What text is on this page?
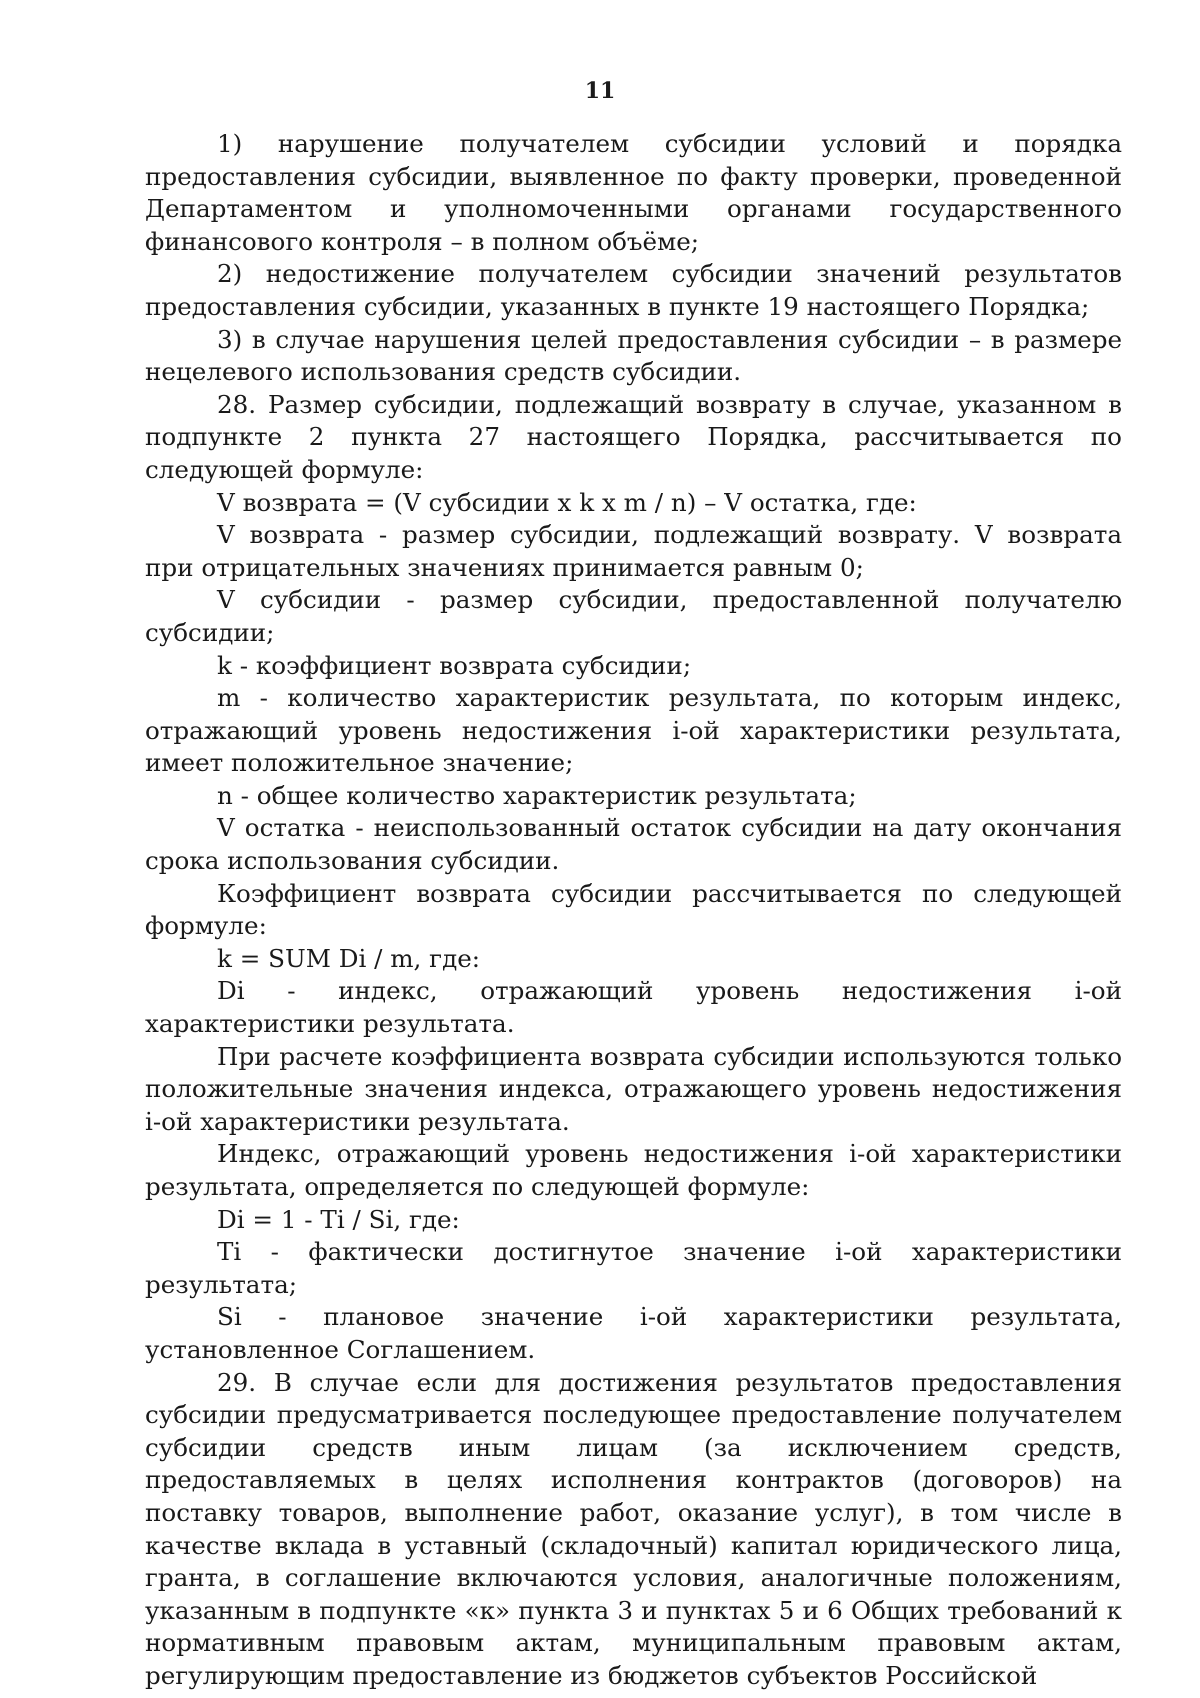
11

1) нарушение получателем субсидии условий и порядка предоставления субсидии, выявленное по факту проверки, проведенной Департаментом и уполномоченными органами государственного финансового контроля – в полном объёме;

2) недостижение получателем субсидии значений результатов предоставления субсидии, указанных в пункте 19 настоящего Порядка;

3) в случае нарушения целей предоставления субсидии – в размере нецелевого использования средств субсидии.

28. Размер субсидии, подлежащий возврату в случае, указанном в подпункте 2 пункта 27 настоящего Порядка, рассчитывается по следующей формуле:

V возврата = (V субсидии x k x m / n) – V остатка, где:

V возврата - размер субсидии, подлежащий возврату. V возврата при отрицательных значениях принимается равным 0;

V субсидии - размер субсидии, предоставленной получателю субсидии;

k - коэффициент возврата субсидии;

m - количество характеристик результата, по которым индекс, отражающий уровень недостижения i-ой характеристики результата, имеет положительное значение;

n - общее количество характеристик результата;

V остатка - неиспользованный остаток субсидии на дату окончания срока использования субсидии.

Коэффициент возврата субсидии рассчитывается по следующей формуле:

k = SUM Di / m, где:

Di - индекс, отражающий уровень недостижения i-ой характеристики результата.

При расчете коэффициента возврата субсидии используются только положительные значения индекса, отражающего уровень недостижения i-ой характеристики результата.

Индекс, отражающий уровень недостижения i-ой характеристики результата, определяется по следующей формуле:

Di = 1 - Ti / Si, где:

Ti - фактически достигнутое значение i-ой характеристики результата;

Si - плановое значение i-ой характеристики результата, установленное Соглашением.

29. В случае если для достижения результатов предоставления субсидии предусматривается последующее предоставление получателем субсидии средств иным лицам (за исключением средств, предоставляемых в целях исполнения контрактов (договоров) на поставку товаров, выполнение работ, оказание услуг), в том числе в качестве вклада в уставный (складочный) капитал юридического лица, гранта, в соглашение включаются условия, аналогичные положениям, указанным в подпункте «к» пункта 3 и пунктах 5 и 6 Общих требований к нормативным правовым актам, муниципальным правовым актам, регулирующим предоставление из бюджетов субъектов Российской
